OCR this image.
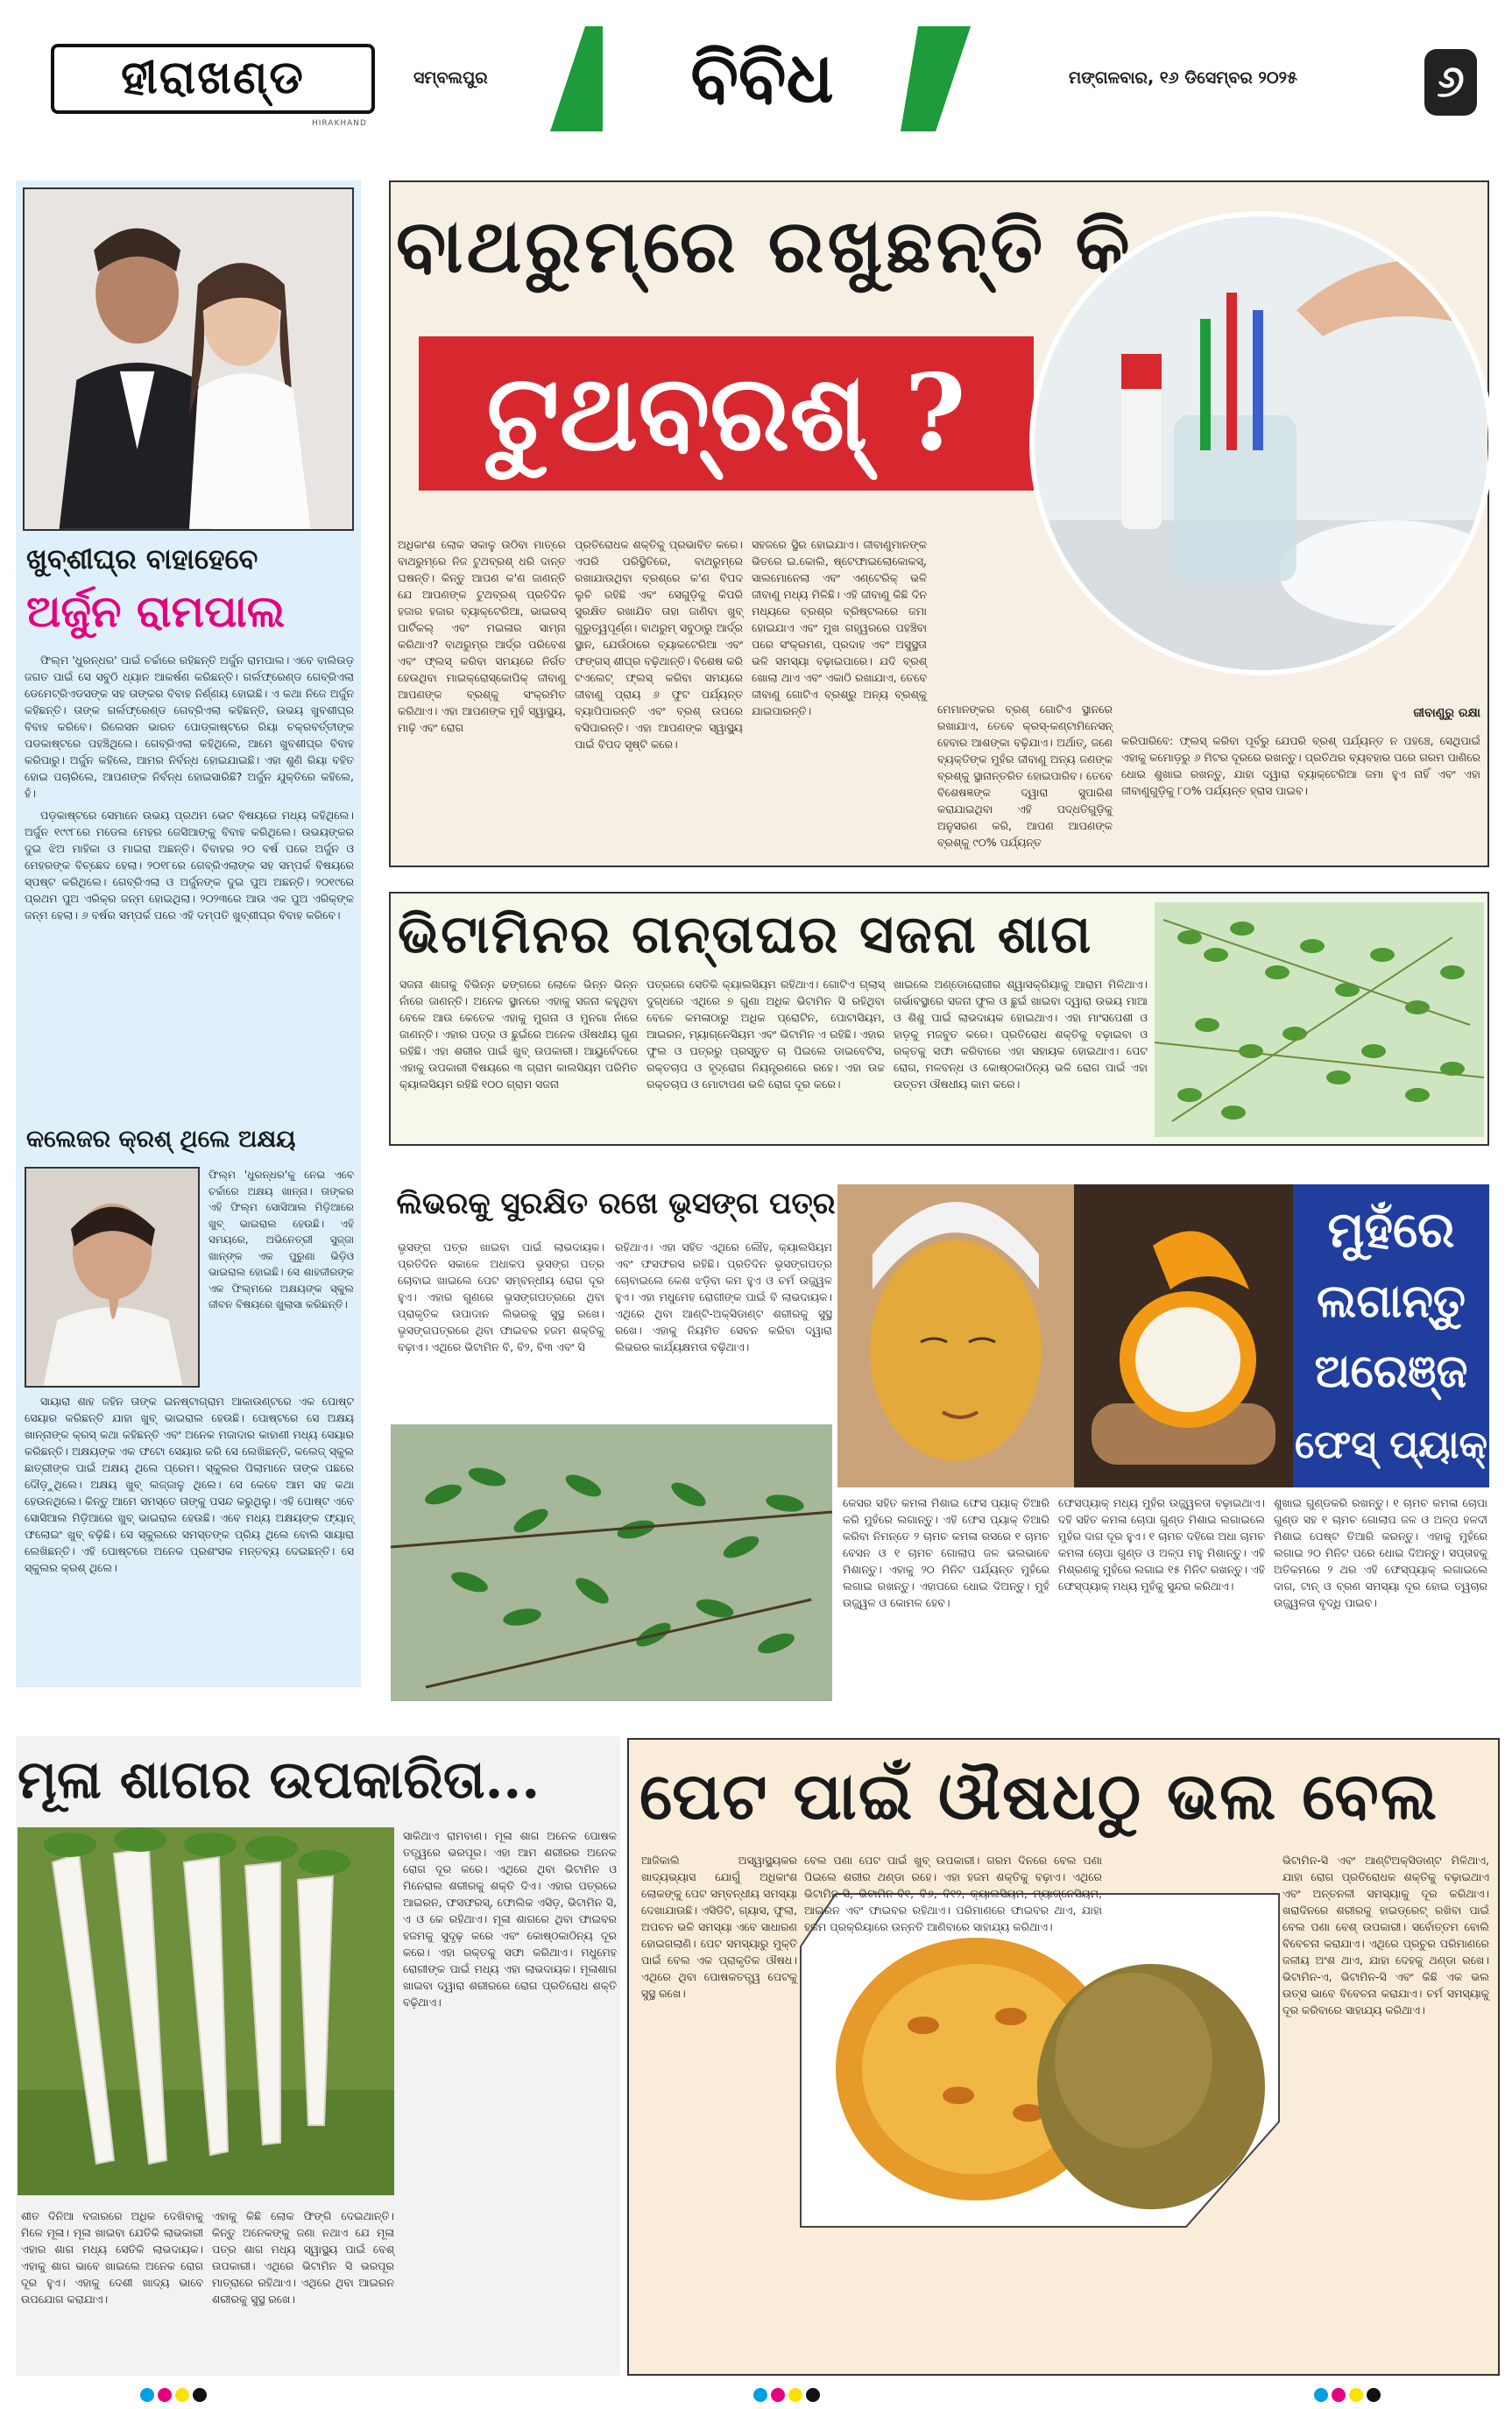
ହୀରାଖଣ୍ଡ
HIRAKHAND
ସମ୍ବଲପୁର	ବିବିଧ	ମଙ୍ଗଳବାର, ୧୬ ଡିସେମ୍ବର ୨୦୨୫	୬
ଖୁବ୍‌ଶୀଘ୍ର ବାହାହେବେ
ଅର୍ଜୁନ ରାମପାଲ

ଫିଲ୍ମ 'ଧୁରନ୍ଧର' ପାଇଁ ଚର୍ଚ୍ଚାରେ ରହିଛନ୍ତି ଅର୍ଜୁନ ରାମପାଲ। ଏବେ ବାଲିଉଡ଼ ଜଗତ ପାଇଁ ସେ ସବୁଠି ଧ୍ୟାନ ଆକର୍ଷଣ କରିଛନ୍ତି। ଗର୍ଲଫ୍ରେଣ୍ଡ ଗେବ୍ରିଏଲା ଡେମେଟ୍ରିଏଡସଙ୍କ ସହ ତାଙ୍କର ବିବାହ ନିର୍ଣ୍ଣୟ ହୋଇଛି। ଏ କଥା ନିଜେ ଅର୍ଜୁନ କହିଛନ୍ତି। ତାଙ୍କ ଗର୍ଲଫ୍ରେଣ୍ଡ ଗେବ୍ରିଏଲା କହିଛନ୍ତି, ଉଭୟ ଖୁବଶୀଘ୍ର ବିବାହ କରିବେ। ରିଲେସନ ଭାରତ ପୋଡ୍‌କାଷ୍ଟରେ ରିୟା ଚକ୍ରବର୍ତ୍ତୀଙ୍କ ପଡକାଷ୍ଟରେ ପହଞ୍ଚିଥିଲେ। ଗେବ୍ରିଏଲା କହିଥିଲେ, ଆମେ ଖୁବଶୀଘ୍ର ବିବାହ କରିପାରୁ। ଅର୍ଜୁନ କହିଲେ, ଆମର ନିର୍ବନ୍ଧ ହୋଇଯାଇଛି। ଏହା ଶୁଣି ରିୟା ବହିତ ହୋଇ ପଚାରିଲେ, ଆପଣଙ୍କ ନିର୍ବନ୍ଧ ହୋଇସାରିଛି? ଅର୍ଜୁନ ଯୁକ୍ତିରେ କହିଲେ, ହଁ।

ପଡ଼କାଷ୍ଟରେ ସେମାନେ ଉଭୟ ପ୍ରଥମ ଭେଟ ବିଷୟରେ ମଧ୍ୟ କହିଥିଲେ। ଅର୍ଜୁନ ୧୯୯୮ରେ ମଡେଲ ମେହର ଜେସିଆଙ୍କୁ ବିବାହ କରିଥିଲେ। ଉଭୟଙ୍କର ଦୁଇ ଝିଅ ମାହିକା ଓ ମାଇରା ଅଛନ୍ତି। ବିବାହର ୨୦ ବର୍ଷ ପରେ ଅର୍ଜୁନ ଓ ମେହରଙ୍କ ବିଚ୍ଛେଦ ହେଲା। ୨୦୧୮ରେ ଗେବ୍ରିଏଲାଙ୍କ ସହ ସମ୍ପର୍କ ବିଷୟରେ ସ୍ପଷ୍ଟ କରିଥିଲେ। ଗେବ୍ରିଏଲା ଓ ଅର୍ଜୁନଙ୍କ ଦୁଇ ପୁଅ ଅଛନ୍ତି। ୨୦୧୯ରେ ପ୍ରଥମ ପୁଅ ଏରିକ୍‌ର ଜନ୍ମ ହୋଇଥିଲା। ୨୦୨୩ରେ ଆଉ ଏକ ପୁଅ ଏରିକ୍‌ଙ୍କ ଜନ୍ମ ହେଲା। ୬ ବର୍ଷର ସମ୍ପର୍କ ପରେ ଏହି ଦମ୍ପତି ଖୁବ୍‌ଶୀଘ୍ର ବିବାହ କରିବେ।

କଲେଜର କ୍ରଶ୍‌ ଥିଲେ ଅକ୍ଷୟ
ଫିଲ୍ମ 'ଧୁରନ୍ଧର'କୁ ନେଇ ଏବେ ଚର୍ଚ୍ଚାରେ ଅକ୍ଷୟ ଖାନ୍ନା। ତାଙ୍କର ଏହି ଫିଲ୍ମ ସୋସିଆଲ ମିଡ଼ିଆରେ ଖୁବ୍‌ ଭାଇରାଲ ହେଉଛି। ଏହି ସମୟରେ, ଅଭିନେତ୍ରୀ ସୁଜ୍ଜା ଖାନ୍‌ଙ୍କ ଏକ ପୁରୁଣା ଭିଡ଼ିଓ ଭାଇରାଲ ହୋଇଛି। ସେ ଶାହଜୀରଙ୍କ ଏକ ଫିଲ୍ମରେ ଅକ୍ଷୟଙ୍କ ସ୍କୁଲ ଜୀବନ ବିଷୟରେ ଖୁଲାସା କରିଛନ୍ତି।

ସାୟାରା ଶାହ ଜହିନ ତାଙ୍କ ଇନଷ୍ଟାଗ୍ରାମ ଆକାଉଣ୍ଟରେ ଏକ ପୋଷ୍ଟ ସେୟାର କରିଛନ୍ତି ଯାହା ଖୁବ୍‌ ଭାଇରାଲ ହେଉଛି। ପୋଷ୍ଟରେ ସେ ଅକ୍ଷୟ ଖାନ୍ନାଙ୍କ କ୍ରସ୍‌ କଥା କହିଛନ୍ତି ଏବଂ ଅନେକ ମଜାଦାର କାହାଣୀ ମଧ୍ୟ ସେୟାର କରିଛନ୍ତି। ଅକ୍ଷୟଙ୍କ ଏକ ଫଟୋ ସେୟାର କରି ସେ ଲେଖିଛନ୍ତି, କଲେଜ୍‌ ସ୍କୁଲ ଛାତ୍ରୀଙ୍କ ପାଇଁ ଅକ୍ଷୟ ଥିଲେ ପ୍ରେମ। ସ୍କୁଲର ପିଲାମାନେ ତାଙ୍କ ପଛରେ ଦୌଡ଼ୁଥିଲେ। ଅକ୍ଷୟ ଖୁବ୍‌ ଲଜ୍ଜାଳୁ ଥିଲେ। ସେ କେବେ ଆମ ସହ କଥା ହେଉନଥିଲେ। କିନ୍ତୁ ଆମେ ସମସ୍ତେ ତାଙ୍କୁ ପସନ୍ଦ କରୁଥିଲୁ। ଏହି ପୋଷ୍ଟ ଏବେ ସୋସିଆଲ ମିଡ଼ିଆରେ ଖୁବ୍‌ ଭାଇରାଲ ହେଉଛି। ଏବେ ମଧ୍ୟ ଅକ୍ଷୟଙ୍କ ଫ୍ୟାନ୍‌ ଫଲୋଇଂ ଖୁବ୍‌ ବଢ଼ିଛି। ସେ ସ୍କୁଲରେ ସମସ୍ତଙ୍କ ପ୍ରିୟ ଥିଲେ ବୋଲି ସାୟାରା ଲେଖିଛନ୍ତି। ଏହି ପୋଷ୍ଟରେ ଅନେକ ପ୍ରଶଂସକ ମନ୍ତବ୍ୟ ଦେଇଛନ୍ତି। ସେ ସ୍କୁଲର କ୍ରଶ୍‌ ଥିଲେ।

ବାଥରୁମ୍‌ରେ ରଖୁଛନ୍ତି କି
ଟୁଥବ୍ରଶ୍‌ ?
ଅଧିକାଂଶ ଲୋକ ସକାଳୁ ଉଠିବା ମାତ୍ରେ ବାଥରୁମ୍‌ରେ ନିଜ ଟୁଥବ୍ରଶ୍‌ ଧରି ଦାନ୍ତ ଘଷନ୍ତି। କିନ୍ତୁ ଆପଣ କ'ଣ ଜାଣନ୍ତି ଯେ ଆପଣଙ୍କ ଟୁଥବ୍ରଶ୍‌ ପ୍ରତିଦିନ ହଜାର ହଜାର ବ୍ୟାକ୍ଟେରିଆ, ଭାଇରସ୍‌ ପାର୍ଟିକଲ୍‌ ଏବଂ ମଇଳାର ସାମ୍ନା କରିଥାଏ? ବାଥରୁମ୍‌ର ଆର୍ଦ୍ର ପରିବେଶ ଏବଂ ଫ୍ଲସ୍‌ କରିବା ସମୟରେ ନିର୍ଗତ ହେଉଥିବା ମାଇକ୍ରୋସ୍କୋପିକ୍‌ ଜୀବାଣୁ ଆପଣଙ୍କ ବ୍ରଶ୍‌କୁ ସଂକ୍ରମିତ କରିଥାଏ। ଏହା ଆପଣଙ୍କ ମୁହଁ ସ୍ୱାସ୍ଥ୍ୟ, ମାଢ଼ି ଏବଂ ରୋଗ
ପ୍ରତିରୋଧକ ଶକ୍ତିକୁ ପ୍ରଭାବିତ କରେ। ଏପରି ପରିସ୍ଥିତିରେ, ବାଥରୁମ୍‌ରେ ରଖାଯାଉଥିବା ବ୍ରଶ୍‌ରେ କ'ଣ ବିପଦ ଲୁଚି ରହିଛି ଏବଂ ସେଗୁଡ଼ିକୁ କିପରି ସୁରକ୍ଷିତ ରଖାଯିବ ତାହା ଜାଣିବା ଖୁବ୍‌ ଗୁରୁତ୍ୱପୂର୍ଣ୍ଣ। ବାଥରୁମ୍‌ ସବୁଠାରୁ ଆର୍ଦ୍ର ସ୍ଥାନ, ଯେଉଁଠାରେ ବ୍ୟାକଟେରିଆ ଏବଂ ଫଙ୍ଗସ୍‌ ଶୀଘ୍ର ବଢ଼ିଥାନ୍ତି। ବିଶେଷ କରି ଟଏଲେଟ୍‌ ଫ୍ଲସ୍‌ କରିବା ସମୟରେ ଜୀବାଣୁ ପ୍ରାୟ ୬ ଫୁଟ ପର୍ଯ୍ୟନ୍ତ ବ୍ୟାପିପାରନ୍ତି ଏବଂ ବ୍ରଶ୍‌ ଉପରେ ବସିପାରନ୍ତି। ଏହା ଆପଣଙ୍କ ସ୍ୱାସ୍ଥ୍ୟ ପାଇଁ ବିପଦ ସୃଷ୍ଟି କରେ।
ସହଜରେ ସ୍ଥିର ହୋଇଯାଏ। ଜୀବାଣୁମାନଙ୍କ ଭିତରେ ଇ.କୋଲି, ଷ୍ଟେଫାଇଲୋକୋକସ୍‌, ସାଲମୋନେଲା ଏବଂ ଏଣ୍ଟେରିକ୍‌ ଭଳି ଜୀବାଣୁ ମଧ୍ୟ ମିଳିଛି। ଏହି ଜୀବାଣୁ କିଛି ଦିନ ମଧ୍ୟରେ ବ୍ରଶ୍‌ର ବ୍ରିଷ୍ଟଲରେ ଜମା ହୋଇଯାଏ ଏବଂ ମୁଖ ଗହ୍ୱରରେ ପହଞ୍ଚିବା ପରେ ସଂକ୍ରମଣ, ପ୍ରଦାହ ଏବଂ ଅସୁସ୍ଥତା ଭଳି ସମସ୍ୟା ବଢ଼ାଇପାରେ। ଯଦି ବ୍ରଶ୍‌ ଖୋଲା ଥାଏ ଏବଂ ଏକାଠି ରଖାଯାଏ, ତେବେ ଜୀବାଣୁ ଗୋଟିଏ ବ୍ରଶ୍‌ରୁ ଅନ୍ୟ ବ୍ରଶ୍‌କୁ ଯାଇପାରନ୍ତି।	ମେମାନଙ୍କର ବ୍ରଶ୍‌ ଗୋଟିଏ ସ୍ଥାନରେ ରଖାଯାଏ, ତେବେ କ୍ରସ୍‌-କଣ୍ଟାମିନେସନ୍‌ ହେବାର ଆଶଙ୍କା ବଢ଼ିଯାଏ। ଅର୍ଥାତ୍‌, ଜଣେ ବ୍ୟକ୍ତିଙ୍କ ମୁହଁର ଜୀବାଣୁ ଅନ୍ୟ ଜଣଙ୍କ ବ୍ରଶ୍‌କୁ ସ୍ଥାନାନ୍ତରିତ ହୋଇପାରିବ। ତେବେ ବିଶେଷଜ୍ଞଙ୍କ ଦ୍ୱାରା ସୁପାରିଶ କରାଯାଇଥିବା ଏହି ପଦ୍ଧତିଗୁଡ଼ିକୁ ଅନୁସରଣ କରି, ଆପଣ ଆପଣଙ୍କ ବ୍ରଶ୍‌କୁ ୯୦% ପର୍ଯ୍ୟନ୍ତ
ଜୀବାଣୁରୁ ରକ୍ଷା
କରିପାରିବେ: ଫ୍ଲସ୍‌ କରିବା ପୂର୍ବରୁ ଯେପରି ବ୍ରଶ୍‌ ପର୍ଯ୍ୟନ୍ତ ନ ପହଞ୍ଚେ, ସେଥିପାଇଁ ଏହାକୁ କମୋଡ଼ରୁ ୬ ମିଟର ଦୂରରେ ରଖନ୍ତୁ। ପ୍ରତିଥର ବ୍ୟବହାର ପରେ ଗରମ ପାଣିରେ ଧୋଇ ଶୁଖାଇ ରଖନ୍ତୁ, ଯାହା ଦ୍ୱାରା ବ୍ୟାକ୍ଟେରିଆ ଜମା ହୁଏ ନାହିଁ ଏବଂ ଏହା ଜୀବାଣୁଗୁଡ଼ିକୁ ୮୦% ପର୍ଯ୍ୟନ୍ତ ହ୍ରାସ ପାଇବ।
ଭିଟାମିନର ଗନ୍ତାଘର ସଜନା ଶାଗ
ସଜନା ଶାଗକୁ ବିଭିନ୍ନ ଢଙ୍ଗରେ ଲୋକେ ଭିନ୍ନ ଭିନ୍ନ ନାଁରେ ଜାଣନ୍ତି। ଅନେକ ସ୍ଥାନରେ ଏହାକୁ ସଜନା କହୁଥିବା ବେଳେ ଆଉ କେତେକ ଏହାକୁ ମୁଗନା ଓ ମୁନଗା ନାଁରେ ଜାଣନ୍ତି। ଏହାର ପତ୍ର ଓ ଛୁଇଁରେ ଅନେକ ଔଷଧୀୟ ଗୁଣ ରହିଛି। ଏହା ଶରୀର ପାଇଁ ଖୁବ୍‌ ଉପକାରୀ। ଆୟୁର୍ବେଦରେ ଏହାକୁ ଉପକାରୀ ବିଷୟରେ ୩ ଗ୍ରାମ କାଲସିୟମ ପରିମିତ କ୍ୟାଲସିୟମ ରହିଛି ୧୦୦ ଗ୍ରାମ ସଜନା
ପତ୍ରରେ ସେତିକି କ୍ୟାଲସିୟମ ରହିଥାଏ। ଗୋଟିଏ ଗ୍ଲାସ୍‌ ଦୁଗ୍ଧରେ ଏଥିରେ ୭ ଗୁଣା ଅଧିକ ଭିଟାମିନ ସି ରହିଥିବା ବେଳେ କମଳାଠାରୁ ଅଧିକ ପ୍ରୋଟିନ, ପୋଟାସିୟମ, ଆଇରନ, ମ୍ୟାଗ୍ନେସିୟମ ଏବଂ ଭିଟାମିନ ଏ ରହିଛି। ଏହାର ଫୁଲ ଓ ପତ୍ରରୁ ପ୍ରସ୍ତୁତ ଚା ପିଇଲେ ଡାଇବେଟିସ, ରକ୍ତଚାପ ଓ ହୃଦ୍‌ରୋଗ ନିୟନ୍ତ୍ରଣରେ ରହେ। ଏହା ଉଚ୍ଚ ରକ୍ତଚାପ ଓ ମୋଟାପଣ ଭଳି ରୋଗ ଦୂର କରେ।
ଖାଇଲେ ଅଣ୍ଡୋରୋଗୀର ଶ୍ୱାସକ୍ରିୟାକୁ ଆରାମ ମିଳିଥାଏ। ଗର୍ଭାବସ୍ଥାରେ ସଜନା ଫୁଲ ଓ ଛୁଇଁ ଖାଇବା ଦ୍ୱାରା ଉଭୟ ମାଆ ଓ ଶିଶୁ ପାଇଁ ଲାଭଦାୟକ ହୋଇଥାଏ। ଏହା ମାଂସପେଶୀ ଓ ହାଡ଼କୁ ମଜବୁତ କରେ। ପ୍ରତିରୋଧ ଶକ୍ତିକୁ ବଢ଼ାଇବା ଓ ରକ୍ତକୁ ସଫା କରିବାରେ ଏହା ସହାୟକ ହୋଇଥାଏ। ପେଟ ରୋଗ, ମଳବନ୍ଧ ଓ କୋଷ୍ଠକାଠିନ୍ୟ ଭଳି ରୋଗ ପାଇଁ ଏହା ଉତ୍ତମ ଔଷଧୀୟ କାମ କରେ।
ଲିଭରକୁ ସୁରକ୍ଷିତ ରଖେ ଭୃସଙ୍ଗ ପତ୍ର
ଭୃସଙ୍ଗ ପତ୍ର ଖାଇବା ପାଇଁ ଲାଭଦାୟକ। ପ୍ରତିଦିନ ସକାଳେ ଅଧାକପ ଭୃସଙ୍ଗ ପତ୍ର ଚୋବାଇ ଖାଇଲେ ପେଟ ସମ୍ବନ୍ଧୀୟ ରୋଗ ଦୂର ହୁଏ। ଏହାର ଗୁଣରେ ଭୃସଙ୍ଗପତ୍ରରେ ଥିବା ପ୍ରାକୃତିକ ଉପାଦାନ ଲିଭରକୁ ସୁସ୍ଥ ରଖେ। ଭୃସଙ୍ଗପତ୍ରରେ ଥିବା ଫାଇବର ହଜମ ଶକ୍ତିକୁ ବଢ଼ାଏ। ଏଥିରେ ଭିଟାମିନ ବି, ବି୨, ବି୩ ଏବଂ ସି
ରହିଥାଏ। ଏହା ସହିତ ଏଥିରେ ଲୌହ, କ୍ୟାଲସିୟମ ଏବଂ ଫସଫରସ ରହିଛି। ପ୍ରତିଦିନ ଭୃସଙ୍ଗପତ୍ର ଚୋବାଇଲେ କେଶ ଝଡ଼ିବା କମ ହୁଏ ଓ ଚର୍ମ ଉଜ୍ଜ୍ୱଳ ହୁଏ। ଏହା ମଧୁମେହ ରୋଗୀଙ୍କ ପାଇଁ ବି ଲାଭଦାୟକ। ଏଥିରେ ଥିବା ଆଣ୍ଟି-ଅକ୍ସିଡାଣ୍ଟ ଶରୀରକୁ ସୁସ୍ଥ ରଖେ। ଏହାକୁ ନିୟମିତ ସେବନ କରିବା ଦ୍ୱାରା ଲିଭରର କାର୍ଯ୍ୟକ୍ଷମତା ବଢ଼ିଥାଏ।
ମୁହଁରେ
ଲଗାନ୍ତୁ
ଅରେଞ୍ଜ
ଫେସ୍‌ ପ୍ୟାକ୍‌
କେସର ସହିତ କମଳା ମିଶାଇ ଫେସ ପ୍ୟାକ୍‌ ତିଆରି କରି ମୁହଁରେ ଲଗାନ୍ତୁ। ଏହି ଫେସ ପ୍ୟାକ୍‌ ତିଆରି କରିବା ନିମନ୍ତେ ୨ ଚାମଚ କମଳା ରସରେ ୧ ଚାମଚ ବେସନ ଓ ୧ ଚାମଚ ଗୋଲାପ ଜଳ ଭଲଭାବେ ମିଶାନ୍ତୁ। ଏହାକୁ ୨୦ ମିନିଟ ପର୍ଯ୍ୟନ୍ତ ମୁହଁରେ ଲଗାଇ ରଖନ୍ତୁ। ଏହାପରେ ଧୋଇ ଦିଅନ୍ତୁ। ମୁହଁ ଉଜ୍ଜ୍ୱଳ ଓ କୋମଳ ହେବ।
ଫେସପ୍ୟାକ୍‌ ମଧ୍ୟ ମୁହଁର ଉଜ୍ଜ୍ୱଳତା ବଢ଼ାଇଥାଏ। ଦହି ସହିତ କମଳା ଚୋପା ଗୁଣ୍ଡ ମିଶାଇ ଲଗାଇଲେ ମୁହଁର ଦାଗ ଦୂର ହୁଏ। ୧ ଚାମଚ ଦହିରେ ଅଧା ଚାମଚ କମଳା ଚୋପା ଗୁଣ୍ଡ ଓ ଅଳ୍ପ ମହୁ ମିଶାନ୍ତୁ। ଏହି ମିଶ୍ରଣକୁ ମୁହଁରେ ଲଗାଇ ୧୫ ମିନିଟ ରଖନ୍ତୁ। ଏହି ଫେସ୍‌ପ୍ୟାକ୍‌ ମଧ୍ୟ ମୁହଁକୁ ସୁନ୍ଦର କରିଥାଏ।
ଶୁଖାଇ ଗୁଣ୍ଡକରି ରଖନ୍ତୁ। ୧ ଚାମଚ କମଳା ଚୋପା ଗୁଣ୍ଡ ସହ ୧ ଚାମଚ ଗୋଲାପ ଜଳ ଓ ଅଳ୍ପ ହଳଦୀ ମିଶାଇ ପେଷ୍ଟ ତିଆରି କରନ୍ତୁ। ଏହାକୁ ମୁହଁରେ ଲଗାଇ ୨୦ ମିନିଟ ପରେ ଧୋଇ ଦିଅନ୍ତୁ। ସପ୍ତାହକୁ ଅତିକମରେ ୨ ଥର ଏହି ଫେସ୍‌ପ୍ୟାକ୍‌ ଲଗାଇଲେ ଦାଗ, ଟାନ୍‌ ଓ ବ୍ରଣ ସମସ୍ୟା ଦୂର ହୋଇ ତ୍ୱଚାର ଉଜ୍ଜ୍ୱଳତା ବୃଦ୍ଧି ପାଇବ।
ମୂଳା ଶାଗର ଉପକାରିତା...
ସାକିଥାଏ ରାମବାଣ। ମୂଳା ଶାଗ ଅନେକ ପୋଷକ ତତ୍ତ୍ୱରେ ଭରପୂର। ଏହା ଆମ ଶରୀରର ଅନେକ ରୋଗ ଦୂର କରେ। ଏଥିରେ ଥିବା ଭିଟାମିନ ଓ ମିନେରାଲ ଶରୀରକୁ ଶକ୍ତି ଦିଏ। ଏହାର ପତ୍ରରେ ଆଇରନ, ଫସଫରସ୍‌, ଫୋଲିକ ଏସିଡ଼, ଭିଟାମିନ ସି, ଏ ଓ କେ ରହିଥାଏ। ମୂଳା ଶାଗରେ ଥିବା ଫାଇବର ହଜମକୁ ସୁଦୃଢ଼ କରେ ଏବଂ କୋଷ୍ଠକାଠିନ୍ୟ ଦୂର କରେ। ଏହା ରକ୍ତକୁ ସଫା କରିଥାଏ। ମଧୁମେହ ରୋଗୀଙ୍କ ପାଇଁ ମଧ୍ୟ ଏହା ଲାଭଦାୟକ। ମୂଳାଶାଗ ଖାଇବା ଦ୍ୱାରା ଶରୀରରେ ରୋଗ ପ୍ରତିରୋଧ ଶକ୍ତି ବଢ଼ିଥାଏ।
ଶୀତ ଦିନିଆ ବଜାରରେ ଅଧିକ ଦେଖିବାକୁ ମିଳେ ମୂଳା। ମୂଳା ଖାଇବା ଯେତିକି ଲାଭକାରୀ ଏହାର ଶାଗ ମଧ୍ୟ ସେତିକି ଲାଭଦାୟକ। ଏହାକୁ ଶାଗ ଭାବେ ଖାଇଲେ ଅନେକ ରୋଗ ଦୂର ହୁଏ। ଏହାକୁ ଦେଶୀ ଖାଦ୍ୟ ଭାବେ ଉପଯୋଗ କରାଯାଏ।
ଏହାକୁ କିଛି ଲୋକ ଫିଙ୍ଗି ଦେଇଥାନ୍ତି। କିନ୍ତୁ ଅନେକଙ୍କୁ ଜଣା ନଥାଏ ଯେ ମୂଳା ପତ୍ର ଶାଗ ମଧ୍ୟ ସ୍ୱାସ୍ଥ୍ୟ ପାଇଁ ବେଶ୍‌ ଉପକାରୀ। ଏଥିରେ ଭିଟାମିନ ସି ଭରପୂର ମାତ୍ରାରେ ରହିଥାଏ। ଏଥିରେ ଥିବା ଆଇରନ ଶରୀରକୁ ସୁସ୍ଥ ରଖେ।
ପେଟ ପାଇଁ ଔଷଧଠୁ ଭଲ ବେଲ
ଆଜିକାଲି ଅସ୍ୱାସ୍ଥ୍ୟକର ଖାଦ୍ୟଭ୍ୟାସ ଯୋଗୁଁ ଅଧିକାଂଶ ଲୋକଙ୍କୁ ପେଟ ସମ୍ବନ୍ଧୀୟ ସମସ୍ୟା ଦେଖାଯାଉଛି। ଏସିଡିଟି, ଗ୍ୟାସ, ଫୁଲା, ଅପଚନ ଭଳି ସମସ୍ୟା ଏବେ ସାଧାରଣ ହୋଇଗଲାଣି। ପେଟ ସମସ୍ୟାରୁ ମୁକ୍ତି ପାଇଁ ବେଲ ଏକ ପ୍ରାକୃତିକ ଔଷଧ। ଏଥିରେ ଥିବା ପୋଷକତତ୍ତ୍ୱ ପେଟକୁ ସୁସ୍ଥ ରଖେ।
ବେଲ ପଣା ପେଟ ପାଇଁ ଖୁବ୍‌ ଉପକାରୀ। ଗରମ ଦିନରେ ବେଲ ପଣା ପିଇଲେ ଶରୀର ଥଣ୍ଡା ରହେ। ଏହା ହଜମ ଶକ୍ତିକୁ ବଢ଼ାଏ। ଏଥିରେ ଭିଟାମିନ-ସି, ଭିଟାମିନ-ବି୧, ବି୬, ବି୧୨, କ୍ୟାଲସିୟମ, ମ୍ୟାଗ୍ନେସିୟମ, ଆଇରନ ଏବଂ ଫାଇବର ରହିଥାଏ। ପରିମାଣରେ ଫାଇବର ଥାଏ, ଯାହା ହଜମ ପ୍ରକ୍ରିୟାରେ ଉନ୍ନତି ଆଣିବାରେ ସାହାଯ୍ୟ କରିଥାଏ।
ଭିଟାମିନ-ସି ଏବଂ ଆଣ୍ଟିଅକ୍ସିଡାଣ୍ଟ ମିଳିଥାଏ, ଯାହା ରୋଗ ପ୍ରତିରୋଧକ ଶକ୍ତିକୁ ବଢ଼ାଇଥାଏ ଏବଂ ଅନ୍ତନଳୀ ସମସ୍ୟାକୁ ଦୂର କରିଥାଏ। ଖରାଦିନରେ ଶରୀରକୁ ହାଇଡ୍ରେଟ୍‌ ରଖିବା ପାଇଁ ବେଲ ପଣା ବେଶ୍‌ ଉପକାରୀ। ସର୍ବୋତ୍ତମ ବୋଲି ବିବେଚନା କରାଯାଏ। ଏଥିରେ ପ୍ରଚୁର ପରିମାଣରେ ଜଳୀୟ ଅଂଶ ଥାଏ, ଯାହା ଦେହକୁ ଥଣ୍ଡା ରଖେ। ଭିଟାମିନ-ଏ, ଭିଟାମିନ-ସି ଏବଂ କିଛି ଏକ ଭଲ ଉତ୍ସ ଭାବେ ବିବେଚନା କରାଯାଏ। ଚର୍ମ ସମସ୍ୟାକୁ ଦୂର କରିବାରେ ସାହାଯ୍ୟ କରିଥାଏ।
